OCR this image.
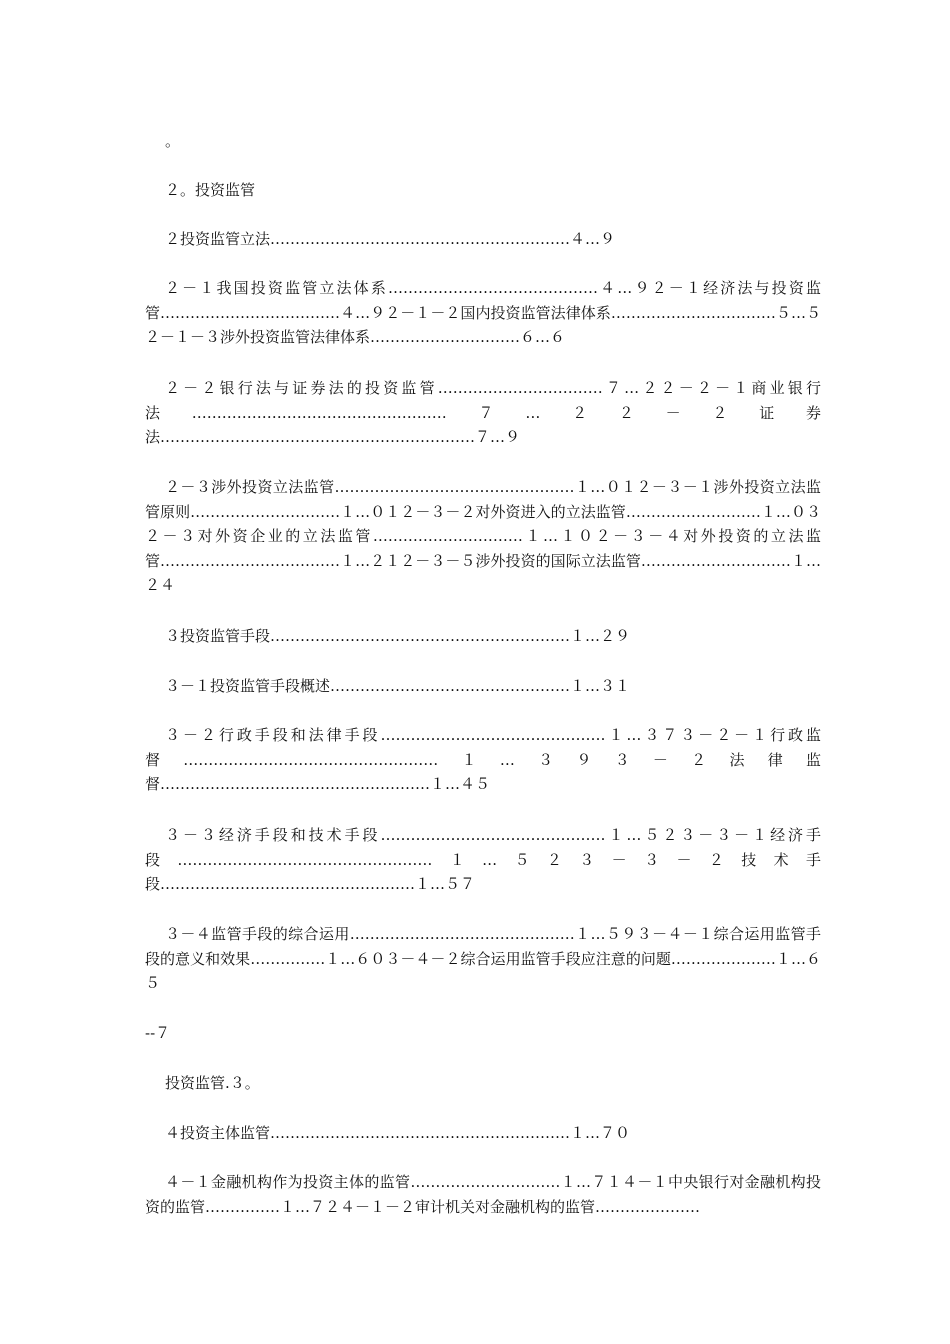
。

２。投资监管

２投资监管立法……………………………………………………４…９

２－１我国投资监管立法体系……………………………………４…９２－１经济法与投资监管………………………………４…９２－１－２国内投资监管法律体系……………………………５…５２－１－３涉外投资监管法律体系…………………………６…６

２－２银行法与证券法的投资监管……………………………７…２２－２－１商业银行法……………………………………………７…２２－２证券法………………………………………………………７…９

２－３涉外投资立法监管…………………………………………１…０１２－３－１涉外投资立法监管原则…………………………１…０１２－３－２对外资进入的立法监管………………………１…０３２－３对外资企业的立法监管…………………………１…１０２－３－４对外投资的立法监管………………………………１…２１２－３－５涉外投资的国际立法监管…………………………１…２４

３投资监管手段……………………………………………………１…２９

３－１投资监管手段概述…………………………………………１…３１

３－２行政手段和法律手段………………………………………１…３７３－２－１行政监督……………………………………………１…３９３－２法律监督………………………………………………１…４５

３－３经济手段和技术手段………………………………………１…５２３－３－１经济手段……………………………………………１…５２３－３－２技术手段……………………………………………１…５７

３－４监管手段的综合运用………………………………………１…５９３－４－１综合运用监管手段的意义和效果……………１…６０３－４－２综合运用监管手段应注意的问题…………………１…６５

--７

投资监管.３。

４投资主体监管……………………………………………………１…７０

４－１金融机构作为投资主体的监管…………………………１…７１４－１中央银行对金融机构投资的监管……………１…７２４－１－２审计机关对金融机构的监管…………………
